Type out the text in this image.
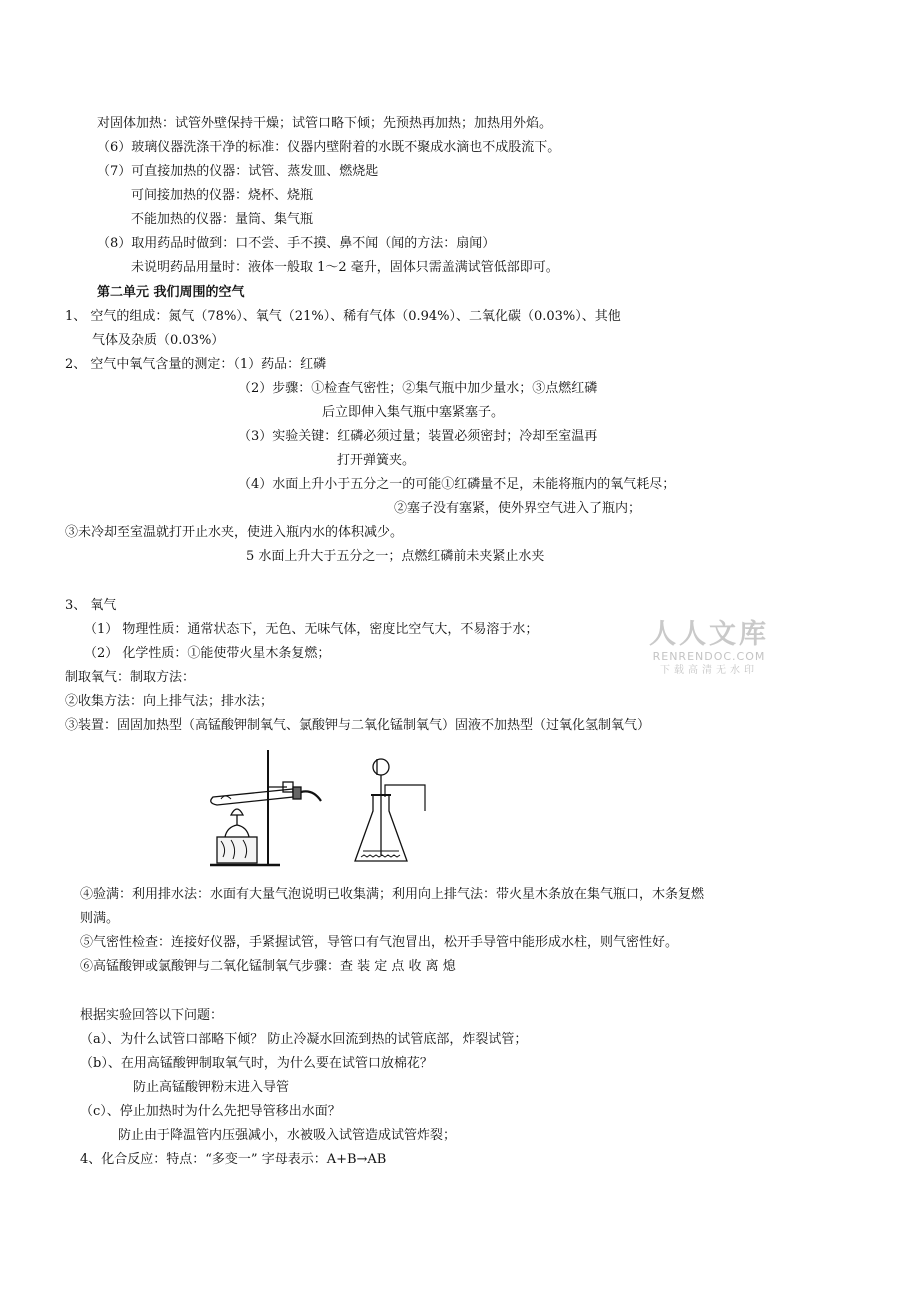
对固体加热：试管外壁保持干燥；试管口略下倾；先预热再加热；加热用外焰。
（6）玻璃仪器洗涤干净的标准：仪器内壁附着的水既不聚成水滴也不成股流下。
（7）可直接加热的仪器：试管、蒸发皿、燃烧匙
可间接加热的仪器：烧杯、烧瓶
不能加热的仪器：量筒、集气瓶
（8）取用药品时做到：口不尝、手不摸、鼻不闻（闻的方法：扇闻）
未说明药品用量时：液体一般取 1～2 毫升，固体只需盖满试管低部即可。
第二单元 我们周围的空气
1、 空气的组成：氮气（78%）、氧气（21%）、稀有气体（0.94%）、二氧化碳（0.03%）、其他
气体及杂质（0.03%）
2、 空气中氧气含量的测定：（1）药品：红磷
（2）步骤：①检查气密性；②集气瓶中加少量水；③点燃红磷
后立即伸入集气瓶中塞紧塞子。
（3）实验关键：红磷必须过量；装置必须密封；冷却至室温再
打开弹簧夹。
（4）水面上升小于五分之一的可能①红磷量不足，未能将瓶内的氧气耗尽；
②塞子没有塞紧，使外界空气进入了瓶内；
③未冷却至室温就打开止水夹，使进入瓶内水的体积减少。
5 水面上升大于五分之一；点燃红磷前未夹紧止水夹
3、 氧气
（1） 物理性质：通常状态下，无色、无味气体，密度比空气大，不易溶于水；
（2） 化学性质：①能使带火星木条复燃；
制取氧气：制取方法：
②收集方法：向上排气法；排水法；
③装置：固固加热型（高锰酸钾制氧气、氯酸钾与二氧化锰制氧气）固液不加热型（过氧化氢制氧气）
④验满：利用排水法：水面有大量气泡说明已收集满；利用向上排气法：带火星木条放在集气瓶口，木条复燃
则满。
⑤气密性检查：连接好仪器，手紧握试管，导管口有气泡冒出，松开手导管中能形成水柱，则气密性好。
⑥高锰酸钾或氯酸钾与二氧化锰制氧气步骤：查 装 定 点 收 离 熄
根据实验回答以下问题：
（a）、为什么试管口部略下倾？ 防止冷凝水回流到热的试管底部，炸裂试管；
（b）、在用高锰酸钾制取氧气时，为什么要在试管口放棉花？
防止高锰酸钾粉末进入导管
（c）、停止加热时为什么先把导管移出水面？
防止由于降温管内压强减小，水被吸入试管造成试管炸裂；
4、化合反应：特点：“多变一” 字母表示：A+B→AB
人人文库
RENRENDOC.COM
下载高清无水印
